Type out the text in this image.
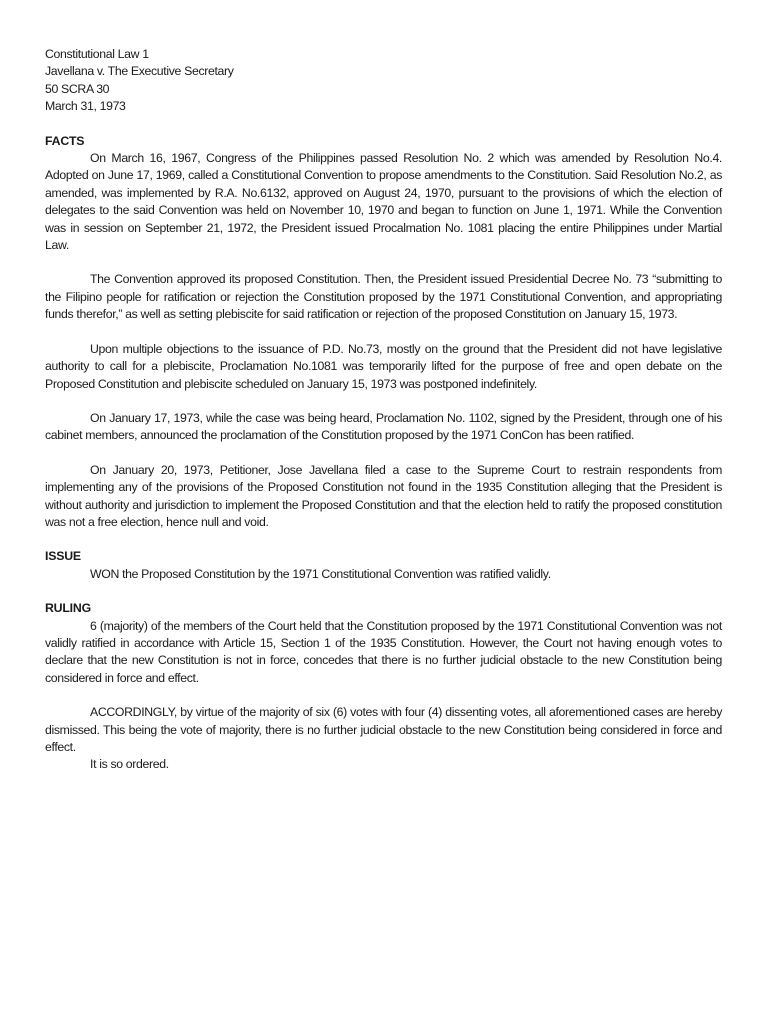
Constitutional Law 1
Javellana v. The Executive Secretary
50 SCRA 30
March 31, 1973
FACTS

On March 16, 1967, Congress of the Philippines passed Resolution No. 2 which was amended by Resolution No.4. Adopted on June 17, 1969, called a Constitutional Convention to propose amendments to the Constitution. Said Resolution No.2, as amended, was implemented by R.A. No.6132, approved on August 24, 1970, pursuant to the provisions of which the election of delegates to the said Convention was held on November 10, 1970 and began to function on June 1, 1971. While the Convention was in session on September 21, 1972, the President issued Procalmation No. 1081 placing the entire Philippines under Martial Law.

The Convention approved its proposed Constitution. Then, the President issued Presidential Decree No. 73 “submitting to the Filipino people for ratification or rejection the Constitution proposed by the 1971 Constitutional Convention, and appropriating funds therefor,” as well as setting plebiscite for said ratification or rejection of the proposed Constitution on January 15, 1973.

Upon multiple objections to the issuance of P.D. No.73, mostly on the ground that the President did not have legislative authority to call for a plebiscite, Proclamation No.1081 was temporarily lifted for the purpose of free and open debate on the Proposed Constitution and plebiscite scheduled on January 15, 1973 was postponed indefinitely.

On January 17, 1973, while the case was being heard, Proclamation No. 1102, signed by the President, through one of his cabinet members, announced the proclamation of the Constitution proposed by the 1971 ConCon has been ratified.

On January 20, 1973, Petitioner, Jose Javellana filed a case to the Supreme Court to restrain respondents from implementing any of the provisions of the Proposed Constitution not found in the 1935 Constitution alleging that the President is without authority and jurisdiction to implement the Proposed Constitution and that the election held to ratify the proposed constitution was not a free election, hence null and void.

ISSUE

WON the Proposed Constitution by the 1971 Constitutional Convention was ratified validly.

RULING

6 (majority) of the members of the Court held that the Constitution proposed by the 1971 Constitutional Convention was not validly ratified in accordance with Article 15, Section 1 of the 1935 Constitution. However, the Court not having enough votes to declare that the new Constitution is not in force, concedes that there is no further judicial obstacle to the new Constitution being considered in force and effect.

ACCORDINGLY, by virtue of the majority of six (6) votes with four (4) dissenting votes, all aforementioned cases are hereby dismissed. This being the vote of majority, there is no further judicial obstacle to the new Constitution being considered in force and effect.

It is so ordered.
